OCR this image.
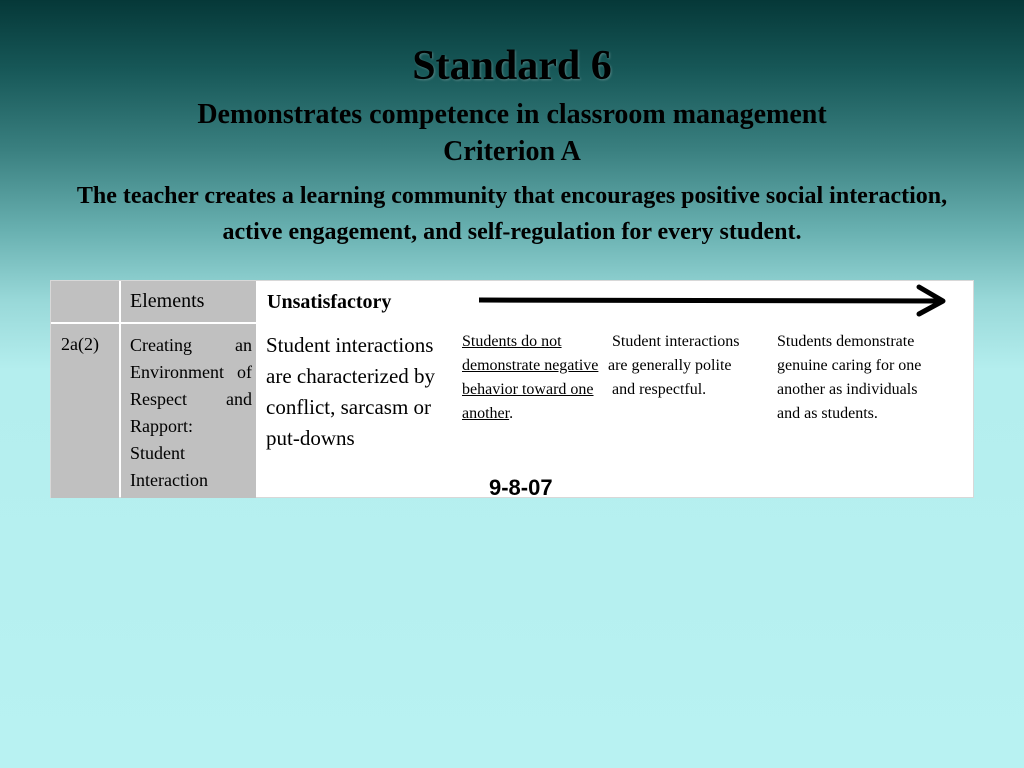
Standard 6
Demonstrates competence in classroom management
Criterion A
The teacher creates a learning community that encourages positive social interaction, active engagement, and self-regulation for every student.
Elements	Unsatisfactory
2a(2)	Creating an Environment of Respect and Rapport: Student Interaction
Student interactions are characterized by conflict, sarcasm or put-downs
Students do not demonstrate negative behavior toward one another.
Student interactions
are generally polite
and respectful.
Students demonstrate
genuine caring for one
another as individuals
and as students.
9-8-07
